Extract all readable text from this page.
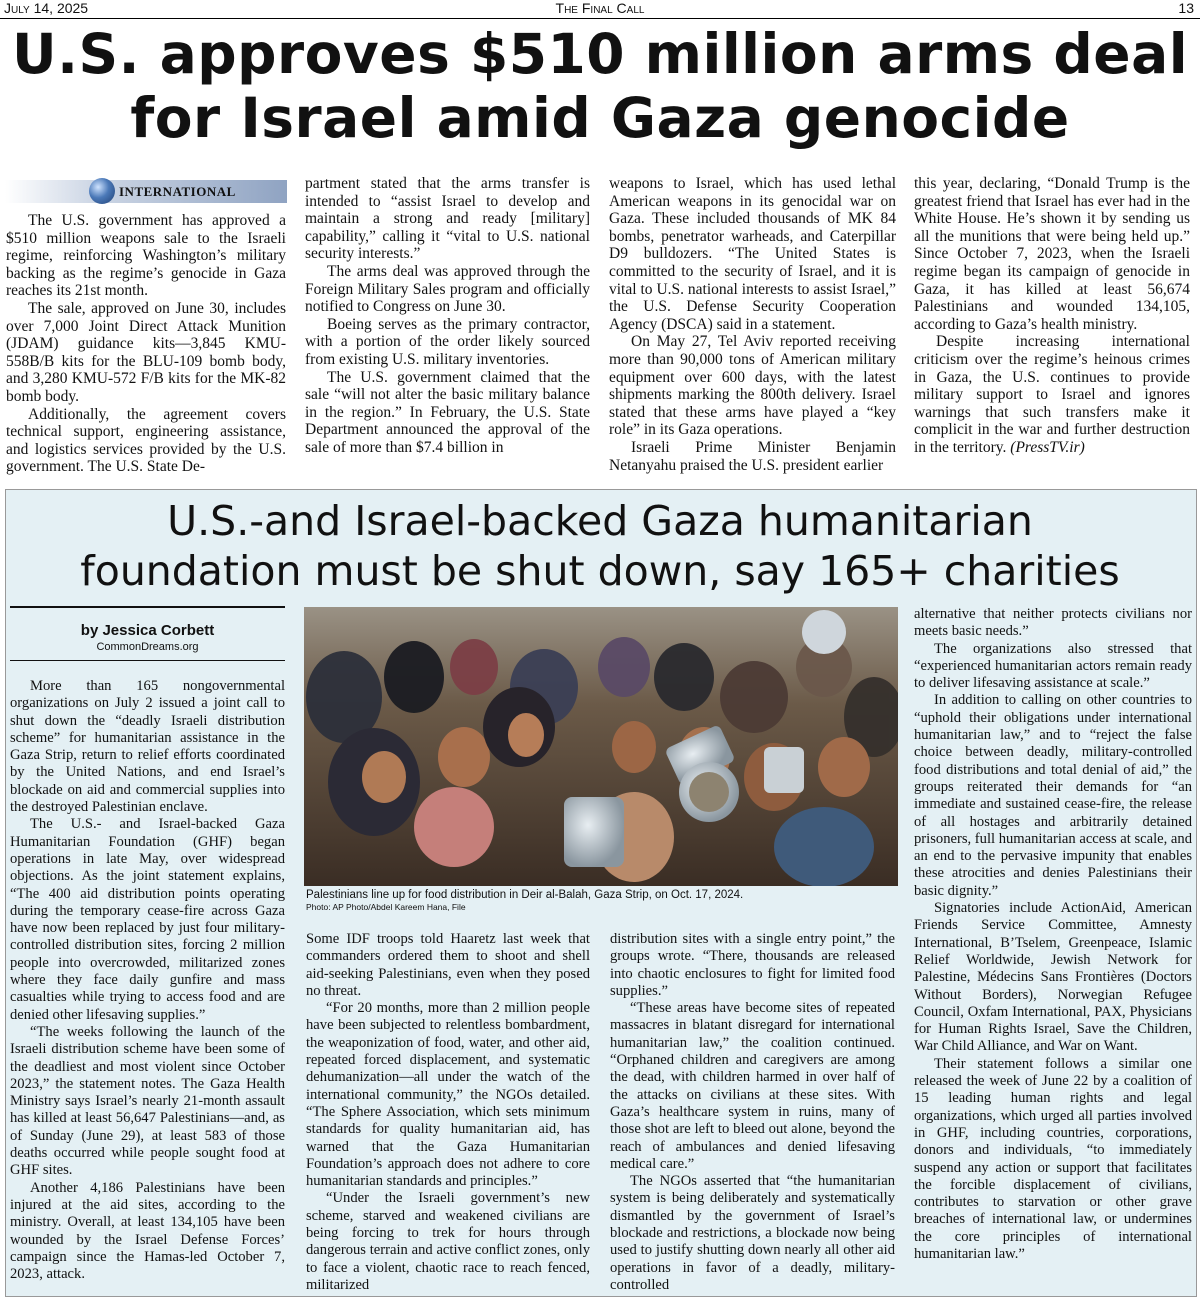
July 14, 2025	The Final Call	13
U.S. approves $510 million arms deal
for Israel amid Gaza genocide
INTERNATIONAL

The U.S. government has approved a $510 million weapons sale to the Israeli regime, reinforcing Washington’s military backing as the regime’s genocide in Gaza reaches its 21st month.

The sale, approved on June 30, includes over 7,000 Joint Direct Attack Munition (JDAM) guidance kits—3,845 KMU-558B/B kits for the BLU-109 bomb body, and 3,280 KMU-572 F/B kits for the MK-82 bomb body.

Additionally, the agreement covers technical support, engineering assistance, and logistics services provided by the U.S. government. The U.S. State De-

partment stated that the arms transfer is intended to “assist Israel to develop and maintain a strong and ready [military] capability,” calling it “vital to U.S. national security interests.”

The arms deal was approved through the Foreign Military Sales program and officially notified to Congress on June 30.

Boeing serves as the primary contractor, with a portion of the order likely sourced from existing U.S. military inventories.

The U.S. government claimed that the sale “will not alter the basic military balance in the region.” In February, the U.S. State Department announced the approval of the sale of more than $7.4 billion in

weapons to Israel, which has used lethal American weapons in its genocidal war on Gaza. These included thousands of MK 84 bombs, penetrator warheads, and Caterpillar D9 bulldozers. “The United States is committed to the security of Israel, and it is vital to U.S. national interests to assist Israel,” the U.S. Defense Security Cooperation Agency (DSCA) said in a statement.

On May 27, Tel Aviv reported receiving more than 90,000 tons of American military equipment over 600 days, with the latest shipments marking the 800th delivery. Israel stated that these arms have played a “key role” in its Gaza operations.

Israeli Prime Minister Benjamin Netanyahu praised the U.S. president earlier

this year, declaring, “Donald Trump is the greatest friend that Israel has ever had in the White House. He’s shown it by sending us all the munitions that were being held up.” Since October 7, 2023, when the Israeli regime began its campaign of genocide in Gaza, it has killed at least 56,674 Palestinians and wounded 134,105, according to Gaza’s health ministry.

Despite increasing international criticism over the regime’s heinous crimes in Gaza, the U.S. continues to provide military support to Israel and ignores warnings that such transfers make it complicit in the war and further destruction in the territory. (PressTV.ir)

U.S.-and Israel-backed Gaza humanitarian
foundation must be shut down, say 165+ charities
by Jessica Corbett
CommonDreams.org
Palestinians line up for food distribution in Deir al-Balah, Gaza Strip, on Oct. 17, 2024.
Photo: AP Photo/Abdel Kareem Hana, File

More than 165 nongovernmental organizations on July 2 issued a joint call to shut down the “deadly Israeli distribution scheme” for humanitarian assistance in the Gaza Strip, return to relief efforts coordinated by the United Nations, and end Israel’s blockade on aid and commercial supplies into the destroyed Palestinian enclave.

The U.S.- and Israel-backed Gaza Humanitarian Foundation (GHF) began operations in late May, over widespread objections. As the joint statement explains, “The 400 aid distribution points operating during the temporary cease-fire across Gaza have now been replaced by just four military-controlled distribution sites, forcing 2 million people into overcrowded, militarized zones where they face daily gunfire and mass casualties while trying to access food and are denied other lifesaving supplies.”

“The weeks following the launch of the Israeli distribution scheme have been some of the deadliest and most violent since October 2023,” the statement notes. The Gaza Health Ministry says Israel’s nearly 21-month assault has killed at least 56,647 Palestinians—and, as of Sunday (June 29), at least 583 of those deaths occurred while people sought food at GHF sites.

Another 4,186 Palestinians have been injured at the aid sites, according to the ministry. Overall, at least 134,105 have been wounded by the Israel Defense Forces’ campaign since the Hamas-led October 7, 2023, attack.

Some IDF troops told Haaretz last week that commanders ordered them to shoot and shell aid-seeking Palestinians, even when they posed no threat.

“For 20 months, more than 2 million people have been subjected to relentless bombardment, the weaponization of food, water, and other aid, repeated forced displacement, and systematic dehumanization—all under the watch of the international community,” the NGOs detailed. “The Sphere Association, which sets minimum standards for quality humanitarian aid, has warned that the Gaza Humanitarian Foundation’s approach does not adhere to core humanitarian standards and principles.”

“Under the Israeli government’s new scheme, starved and weakened civilians are being forcing to trek for hours through dangerous terrain and active conflict zones, only to face a violent, chaotic race to reach fenced, militarized

distribution sites with a single entry point,” the groups wrote. “There, thousands are released into chaotic enclosures to fight for limited food supplies.”

“These areas have become sites of repeated massacres in blatant disregard for international humanitarian law,” the coalition continued. “Orphaned children and caregivers are among the dead, with children harmed in over half of the attacks on civilians at these sites. With Gaza’s healthcare system in ruins, many of those shot are left to bleed out alone, beyond the reach of ambulances and denied lifesaving medical care.”

The NGOs asserted that “the humanitarian system is being deliberately and systematically dismantled by the government of Israel’s blockade and restrictions, a blockade now being used to justify shutting down nearly all other aid operations in favor of a deadly, military-controlled

alternative that neither protects civilians nor meets basic needs.”

The organizations also stressed that “experienced humanitarian actors remain ready to deliver lifesaving assistance at scale.”

In addition to calling on other countries to “uphold their obligations under international humanitarian law,” and to “reject the false choice between deadly, military-controlled food distributions and total denial of aid,” the groups reiterated their demands for “an immediate and sustained cease-fire, the release of all hostages and arbitrarily detained prisoners, full humanitarian access at scale, and an end to the pervasive impunity that enables these atrocities and denies Palestinians their basic dignity.”

Signatories include ActionAid, American Friends Service Committee, Amnesty International, B’Tselem, Greenpeace, Islamic Relief Worldwide, Jewish Network for Palestine, Médecins Sans Frontières (Doctors Without Borders), Norwegian Refugee Council, Oxfam International, PAX, Physicians for Human Rights Israel, Save the Children, War Child Alliance, and War on Want.

Their statement follows a similar one released the week of June 22 by a coalition of 15 leading human rights and legal organizations, which urged all parties involved in GHF, including countries, corporations, donors and individuals, “to immediately suspend any action or support that facilitates the forcible displacement of civilians, contributes to starvation or other grave breaches of international law, or undermines the core principles of international humanitarian law.”
